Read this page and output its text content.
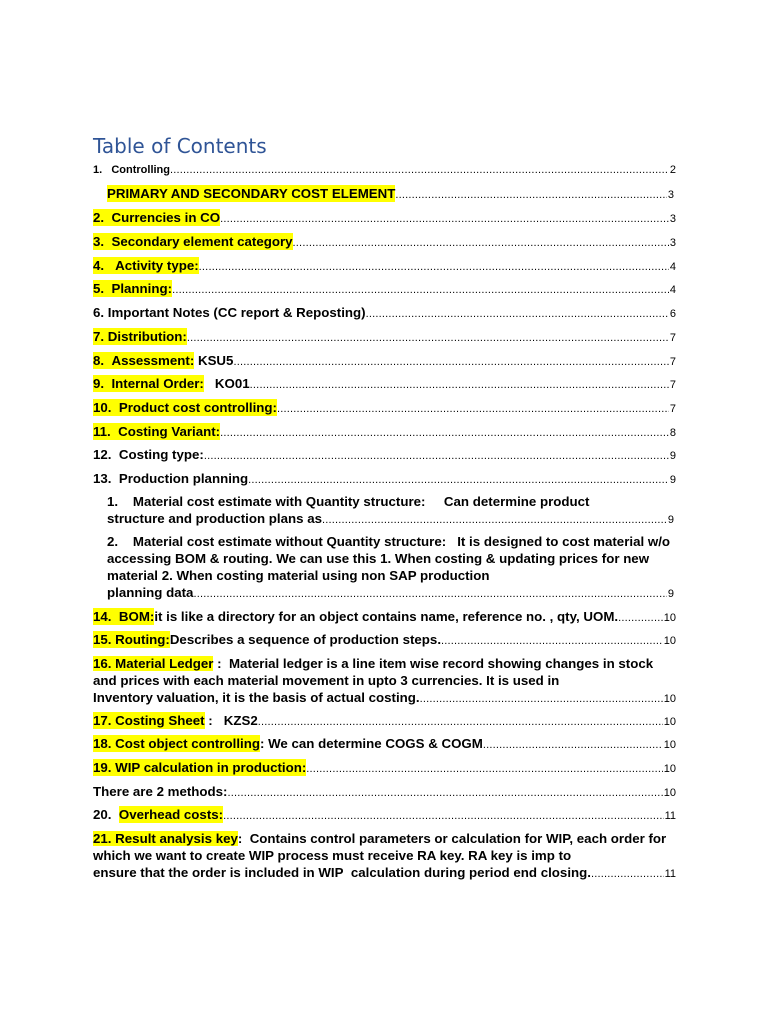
Table of Contents
1.   Controlling .....	2
PRIMARY AND SECONDARY COST ELEMENT .....	3
2.  Currencies in CO .....	3
3.  Secondary element category .....	3
4.   Activity type: .....	4
5.  Planning: .....	4
6. Important Notes (CC report & Reposting) .....	6
7. Distribution: .....	7
8.  Assessment: KSU5 .....	7
9.  Internal Order: KO01 .....	7
10.  Product cost controlling: .....	7
11.  Costing Variant: .....	8
12.  Costing type: .....	9
13.  Production planning .....	9
1.    Material cost estimate with Quantity structure:     Can determine product
structure and production plans as .....	9
2.    Material cost estimate without Quantity structure:   It is designed to cost material w/o accessing BOM & routing. We can use this 1. When costing & updating prices for new material 2. When costing material using non SAP production
planning data .....	9
14.  BOM: it is like a directory for an object contains name, reference no. , qty, UOM. .....	10
15. Routing: Describes a sequence of production steps. .....	10
16. Material Ledger :  Material ledger is a line item wise record showing changes in stock and prices with each material movement in upto 3 currencies. It is used in
Inventory valuation, it is the basis of actual costing. .....	10
17. Costing Sheet :   KZS2 .....	10
18. Cost object controlling : We can determine COGS & COGM .....	10
19. WIP calculation in production: .....	10
There are 2 methods: .....	10
20. Overhead costs: .....	11
21. Result analysis key:  Contains control parameters or calculation for WIP, each order for which we want to create WIP process must receive RA key. RA key is imp to
ensure that the order is included in WIP  calculation during period end closing. .....	11
